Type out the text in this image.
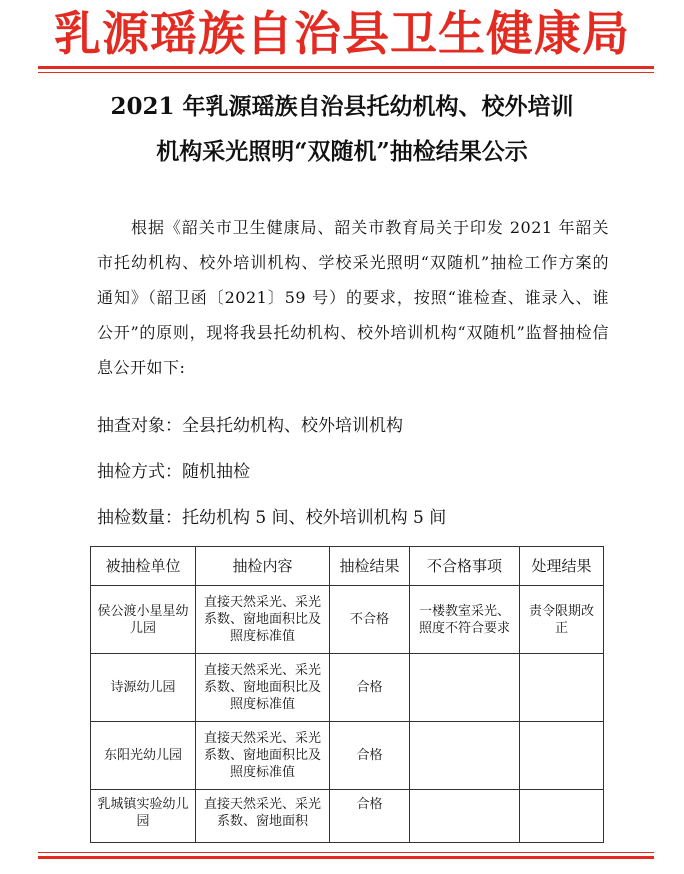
乳源瑶族自治县卫生健康局
2021 年乳源瑶族自治县托幼机构、校外培训
机构采光照明“双随机”抽检结果公示

根据《韶关市卫生健康局、韶关市教育局关于印发 2021 年韶关市托幼机构、校外培训机构、学校采光照明“双随机”抽检工作方案的通知》（韶卫函〔2021〕59 号）的要求，按照“谁检查、谁录入、谁公开”的原则，现将我县托幼机构、校外培训机构“双随机”监督抽检信息公开如下:

抽查对象：全县托幼机构、校外培训机构
抽检方式：随机抽检
抽检数量：托幼机构 5 间、校外培训机构 5 间
被抽检单位	抽检内容	抽检结果	不合格事项	处理结果
侯公渡小星星幼儿园	直接天然采光、采光系数、窗地面积比及照度标准值	不合格	一楼教室采光、照度不符合要求	责令限期改正
诗源幼儿园	直接天然采光、采光系数、窗地面积比及照度标准值	合格		
东阳光幼儿园	直接天然采光、采光系数、窗地面积比及照度标准值	合格		
乳城镇实验幼儿园	直接天然采光、采光系数、窗地面积	合格		
